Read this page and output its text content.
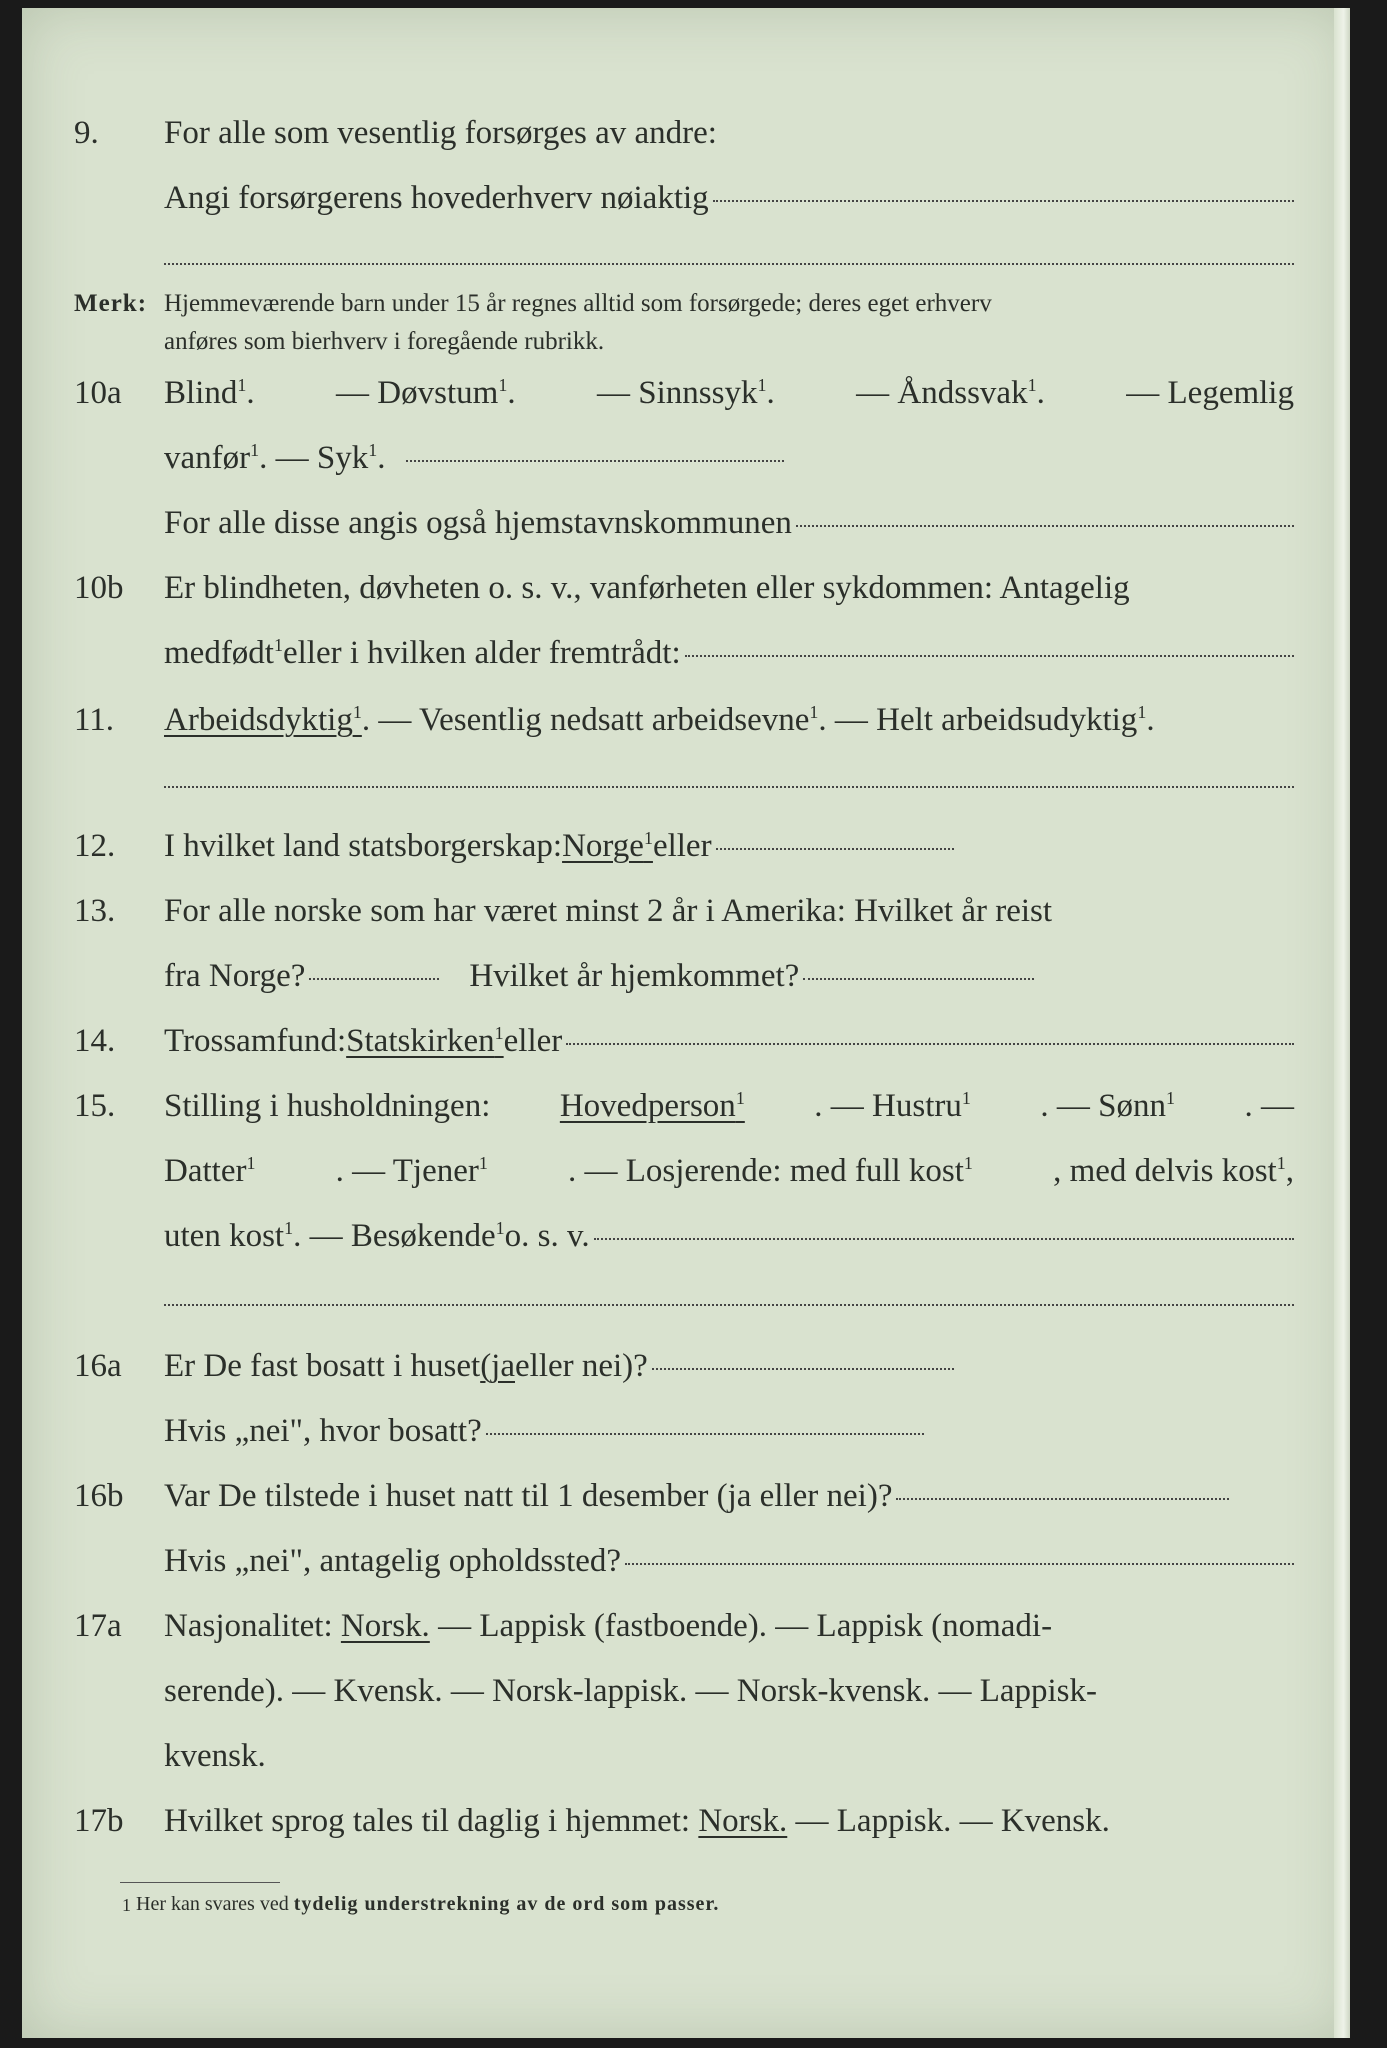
9. For alle som vesentlig forsørges av andre:
Angi forsørgerens hovederhverv nøiaktig
Merk: Hjemmeværende barn under 15 år regnes alltid som forsørgede; deres eget erhverv
anføres som bierhverv i foregående rubrikk.
10a Blind$^1$. — Døvstum$^1$. — Sinnssyk$^1$. — Åndssvak$^1$. — Legemlig
vanfør$^1$ . — Syk$^1$.
For alle disse angis også hjemstavnskommunen
10b Er blindheten, døvheten o. s. v., vanførheten eller sykdommen: Antagelig
medfødt$^1$ eller i hvilken alder fremtrådt:
11. Arbeidsdyktig$^1$. — Vesentlig nedsatt arbeidsevne$^1$. — Helt arbeidsudyktig$^1$.
12. I hvilket land statsborgerskap: Norge$^1$ eller
13. For alle norske som har været minst 2 år i Amerika: Hvilket år reist
fra Norge?	Hvilket år hjemkommet?
14. Trossamfund: Statskirken$^1$ eller
15. Stilling i husholdningen: Hovedperson$^1$ . — Hustru$^1$ . — Sønn$^1$ . —
Datter$^1$ . — Tjener$^1$ . — Losjerende: med full kost$^1$ , med delvis kost$^1$,
uten kost$^1$ . — Besøkende$^1$ o. s. v.
16a Er De fast bosatt i huset (ja eller nei)?
Hvis „nei", hvor bosatt?
16b Var De tilstede i huset natt til 1 desember (ja eller nei)?
Hvis „nei", antagelig opholdssted?
17a Nasjonalitet: Norsk. — Lappisk (fastboende). — Lappisk (nomadi-
serende). — Kvensk. — Norsk-lappisk. — Norsk-kvensk. — Lappisk-
kvensk.
17b Hvilket sprog tales til daglig i hjemmet: Norsk. — Lappisk. — Kvensk.
$^1$ Her kan svares ved tydelig understrekning av de ord som passer.
